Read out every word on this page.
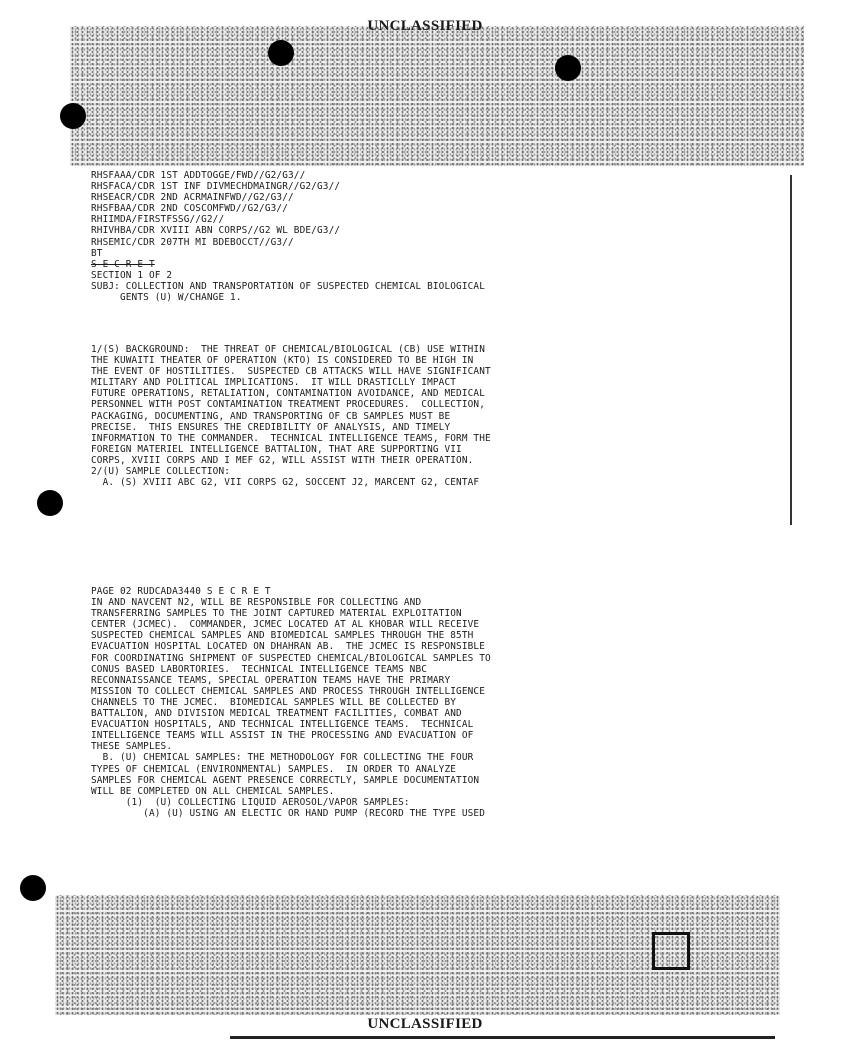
UNCLASSIFIED
UNCLASSIFIED
RHSFAAA/CDR 1ST ADDTOGGE/FWD//G2/G3//
RHSFACA/CDR 1ST INF DIVMECHDMAINGR//G2/G3//
RHSEACR/CDR 2ND ACRMAINFWD//G2/G3//
RHSFBAA/CDR 2ND COSCOMFWD//G2/G3//
RHIIMDA/FIRSTFSSG//G2//
RHIVHBA/CDR XVIII ABN CORPS//G2 WL BDE/G3//
RHSEMIC/CDR 207TH MI BDEBOCCT//G3//
BT
S E C R E T
SECTION 1 OF 2
SUBJ: COLLECTION AND TRANSPORTATION OF SUSPECTED CHEMICAL BIOLOGICAL
GENTS (U) W/CHANGE 1.
1/(S) BACKGROUND:  THE THREAT OF CHEMICAL/BIOLOGICAL (CB) USE WITHIN
THE KUWAITI THEATER OF OPERATION (KTO) IS CONSIDERED TO BE HIGH IN
THE EVENT OF HOSTILITIES.  SUSPECTED CB ATTACKS WILL HAVE SIGNIFICANT
MILITARY AND POLITICAL IMPLICATIONS.  IT WILL DRASTICLLY IMPACT
FUTURE OPERATIONS, RETALIATION, CONTAMINATION AVOIDANCE, AND MEDICAL
PERSONNEL WITH POST CONTAMINATION TREATMENT PROCEDURES.  COLLECTION,
PACKAGING, DOCUMENTING, AND TRANSPORTING OF CB SAMPLES MUST BE
PRECISE.  THIS ENSURES THE CREDIBILITY OF ANALYSIS, AND TIMELY
INFORMATION TO THE COMMANDER.  TECHNICAL INTELLIGENCE TEAMS, FORM THE
FOREIGN MATERIEL INTELLIGENCE BATTALION, THAT ARE SUPPORTING VII
CORPS, XVIII CORPS AND I MEF G2, WILL ASSIST WITH THEIR OPERATION.
2/(U) SAMPLE COLLECTION:
A. (S) XVIII ABC G2, VII CORPS G2, SOCCENT J2, MARCENT G2, CENTAF
PAGE 02 RUDCADA3440 S E C R E T
IN AND NAVCENT N2, WILL BE RESPONSIBLE FOR COLLECTING AND
TRANSFERRING SAMPLES TO THE JOINT CAPTURED MATERIAL EXPLOITATION
CENTER (JCMEC).  COMMANDER, JCMEC LOCATED AT AL KHOBAR WILL RECEIVE
SUSPECTED CHEMICAL SAMPLES AND BIOMEDICAL SAMPLES THROUGH THE 85TH
EVACUATION HOSPITAL LOCATED ON DHAHRAN AB.  THE JCMEC IS RESPONSIBLE
FOR COORDINATING SHIPMENT OF SUSPECTED CHEMICAL/BIOLOGICAL SAMPLES TO
CONUS BASED LABORTORIES.  TECHNICAL INTELLIGENCE TEAMS NBC
RECONNAISSANCE TEAMS, SPECIAL OPERATION TEAMS HAVE THE PRIMARY
MISSION TO COLLECT CHEMICAL SAMPLES AND PROCESS THROUGH INTELLIGENCE
CHANNELS TO THE JCMEC.  BIOMEDICAL SAMPLES WILL BE COLLECTED BY
BATTALION, AND DIVISION MEDICAL TREATMENT FACILITIES, COMBAT AND
EVACUATION HOSPITALS, AND TECHNICAL INTELLIGENCE TEAMS.  TECHNICAL
INTELLIGENCE TEAMS WILL ASSIST IN THE PROCESSING AND EVACUATION OF
THESE SAMPLES.
B. (U) CHEMICAL SAMPLES: THE METHODOLOGY FOR COLLECTING THE FOUR
TYPES OF CHEMICAL (ENVIRONMENTAL) SAMPLES.  IN ORDER TO ANALYZE
SAMPLES FOR CHEMICAL AGENT PRESENCE CORRECTLY, SAMPLE DOCUMENTATION
WILL BE COMPLETED ON ALL CHEMICAL SAMPLES.
(1)  (U) COLLECTING LIQUID AEROSOL/VAPOR SAMPLES:
(A) (U) USING AN ELECTIC OR HAND PUMP (RECORD THE TYPE USED
